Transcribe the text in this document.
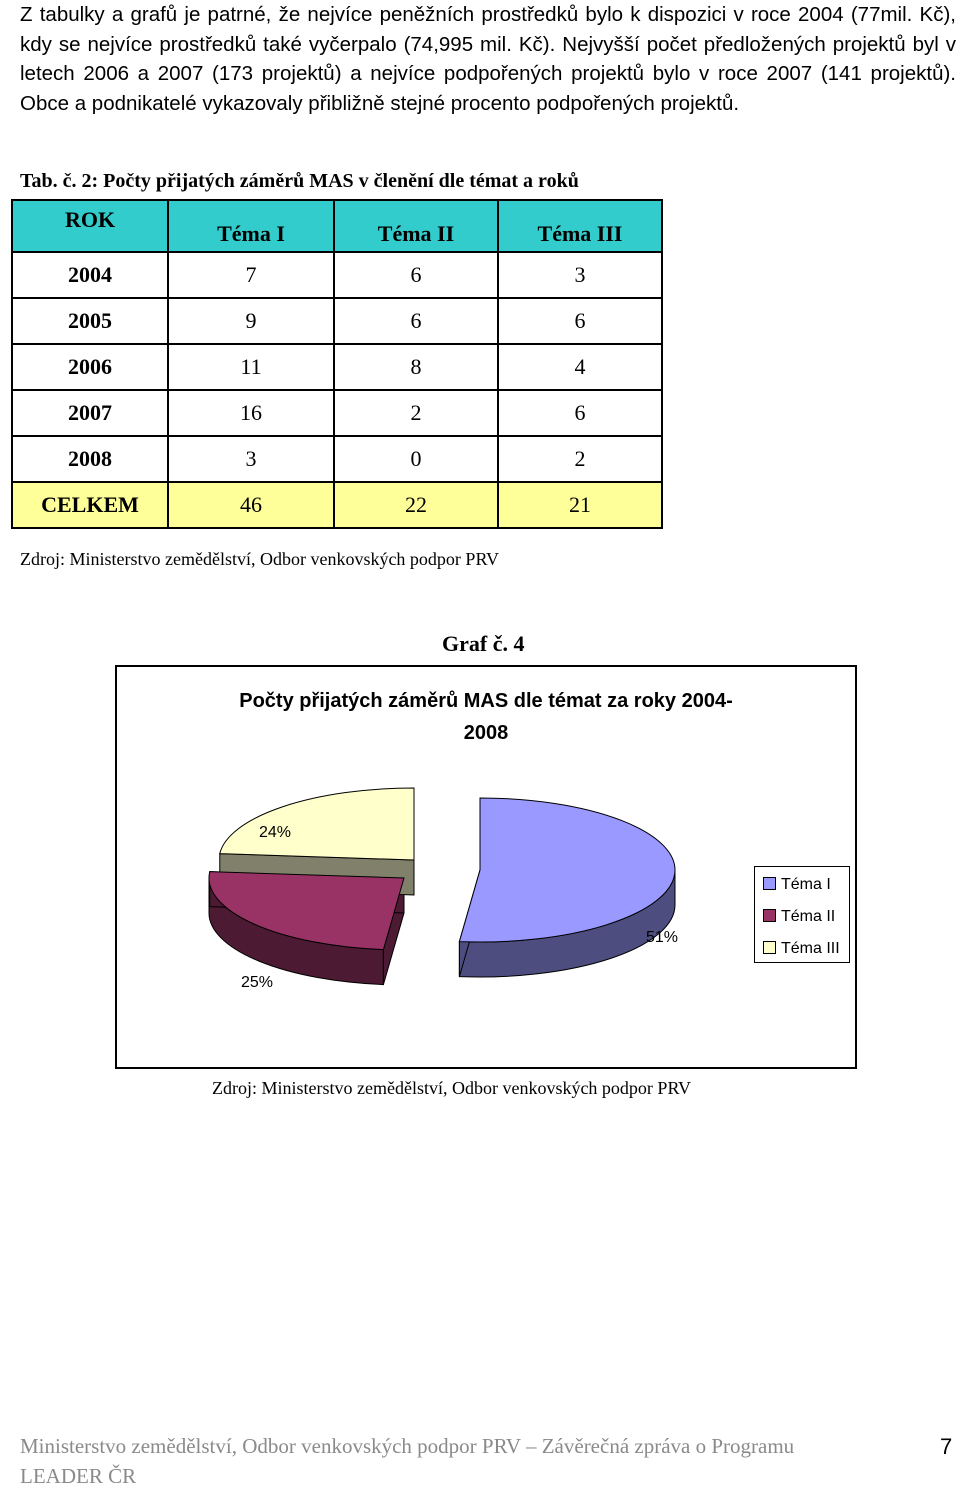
Z tabulky a grafů je patrné, že nejvíce peněžních prostředků bylo k dispozici v roce 2004 (77mil. Kč), kdy se nejvíce prostředků také vyčerpalo (74,995 mil. Kč). Nejvyšší počet předložených projektů byl v letech 2006 a 2007 (173 projektů) a nejvíce podpořených projektů bylo v roce 2007 (141 projektů). Obce a podnikatelé vykazovaly přibližně stejné procento podpořených projektů.

Tab. č. 2: Počty přijatých záměrů MAS v členění dle témat a roků
ROK	Téma I	Téma II	Téma III
2004	7	6	3
2005	9	6	6
2006	11	8	4
2007	16	2	6
2008	3	0	2
CELKEM	46	22	21
Zdroj: Ministerstvo zemědělství, Odbor venkovských podpor PRV
Graf č. 4
Počty přijatých záměrů MAS dle témat za roky 2004-
2008
51%
25%
24%
Téma I
Téma II
Téma III
Zdroj: Ministerstvo zemědělství, Odbor venkovských podpor PRV
Ministerstvo zemědělství, Odbor venkovských podpor PRV – Závěrečná zpráva o Programu LEADER ČR
7
